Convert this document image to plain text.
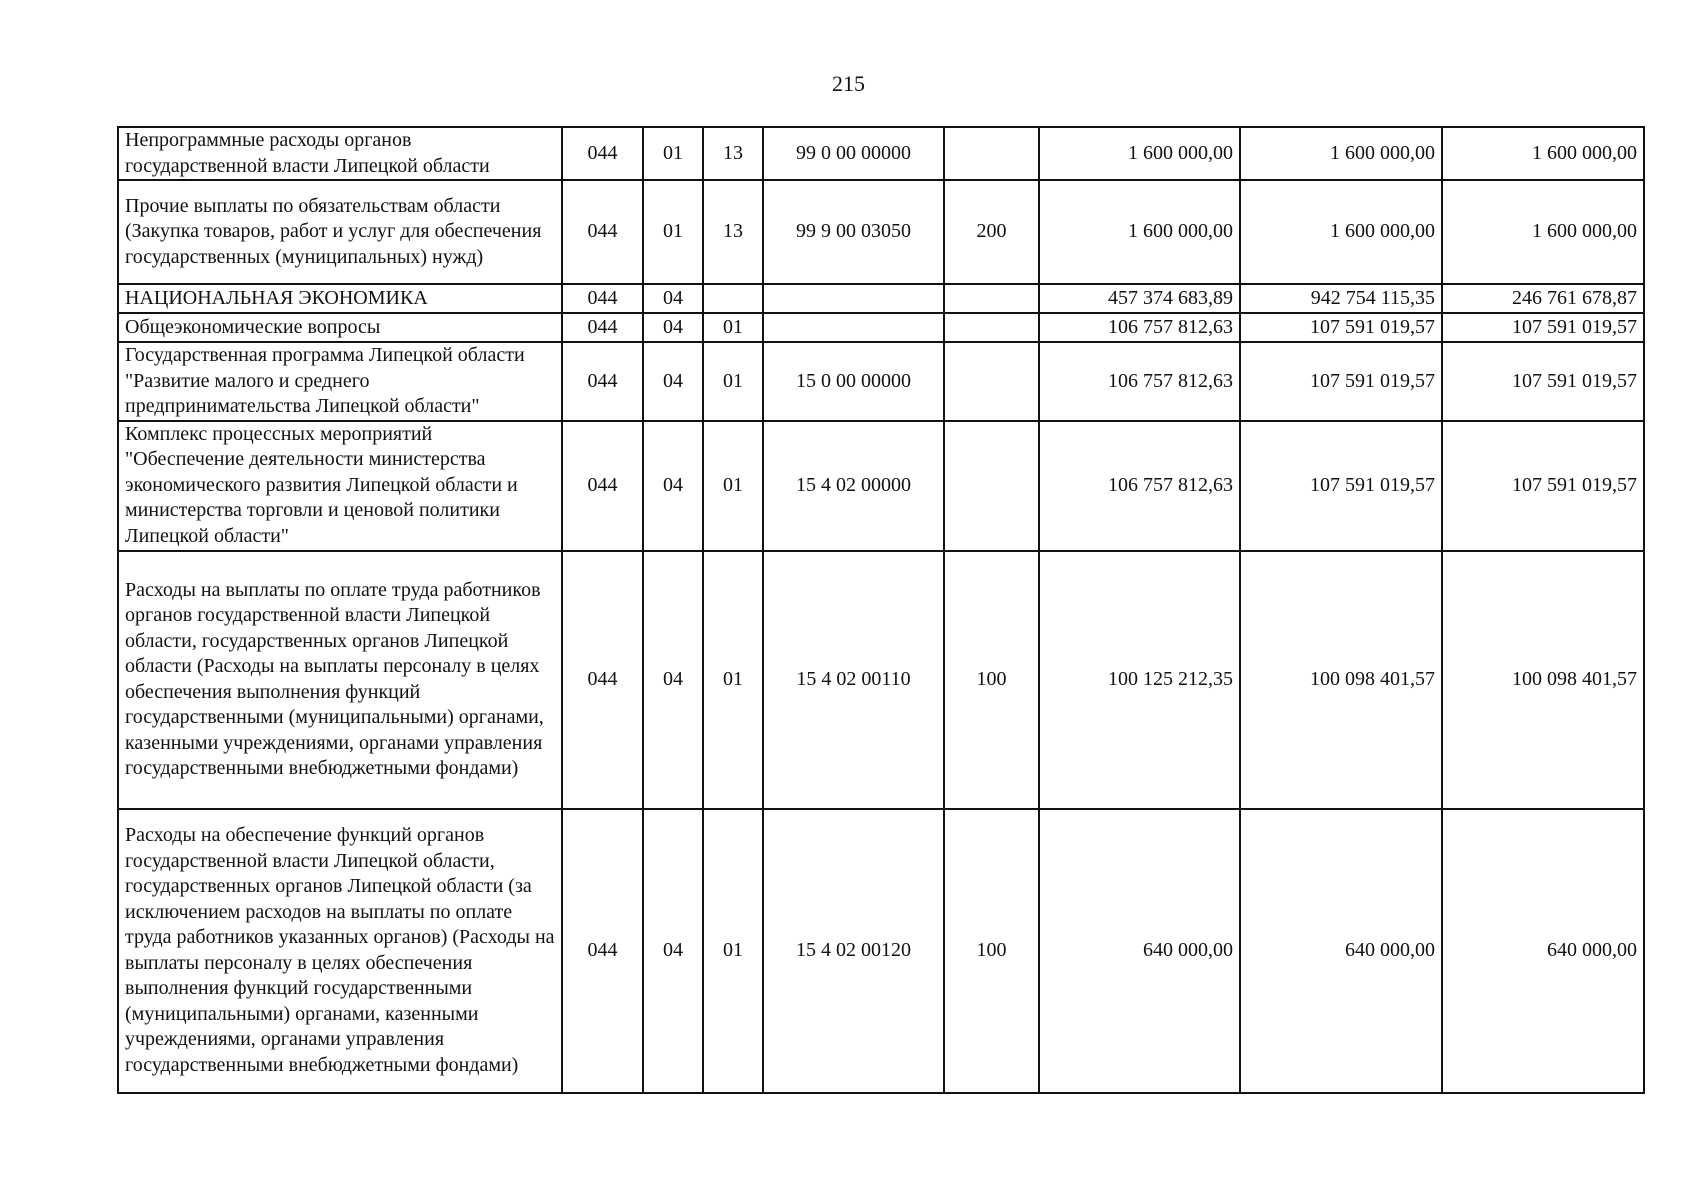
215
Непрограммные расходы органов государственной власти Липецкой области	044	01	13	99 0 00 00000		1 600 000,00	1 600 000,00	1 600 000,00
Прочие выплаты по обязательствам области (Закупка товаров, работ и услуг для обеспечения государственных (муниципальных) нужд)	044	01	13	99 9 00 03050	200	1 600 000,00	1 600 000,00	1 600 000,00
НАЦИОНАЛЬНАЯ ЭКОНОМИКА	044	04				457 374 683,89	942 754 115,35	246 761 678,87
Общеэкономические вопросы	044	04	01			106 757 812,63	107 591 019,57	107 591 019,57
Государственная программа Липецкой области "Развитие малого и среднего предпринимательства Липецкой области"	044	04	01	15 0 00 00000		106 757 812,63	107 591 019,57	107 591 019,57
Комплекс процессных мероприятий "Обеспечение деятельности министерства экономического развития Липецкой области и министерства торговли и ценовой политики Липецкой области"	044	04	01	15 4 02 00000		106 757 812,63	107 591 019,57	107 591 019,57
Расходы на выплаты по оплате труда работников органов государственной власти Липецкой области, государственных органов Липецкой области (Расходы на выплаты персоналу в целях обеспечения выполнения функций государственными (муниципальными) органами, казенными учреждениями, органами управления государственными внебюджетными фондами)	044	04	01	15 4 02 00110	100	100 125 212,35	100 098 401,57	100 098 401,57
Расходы на обеспечение функций органов государственной власти Липецкой области, государственных органов Липецкой области (за исключением расходов на выплаты по оплате труда работников указанных органов) (Расходы на выплаты персоналу в целях обеспечения выполнения функций государственными (муниципальными) органами, казенными учреждениями, органами управления государственными внебюджетными фондами)	044	04	01	15 4 02 00120	100	640 000,00	640 000,00	640 000,00
